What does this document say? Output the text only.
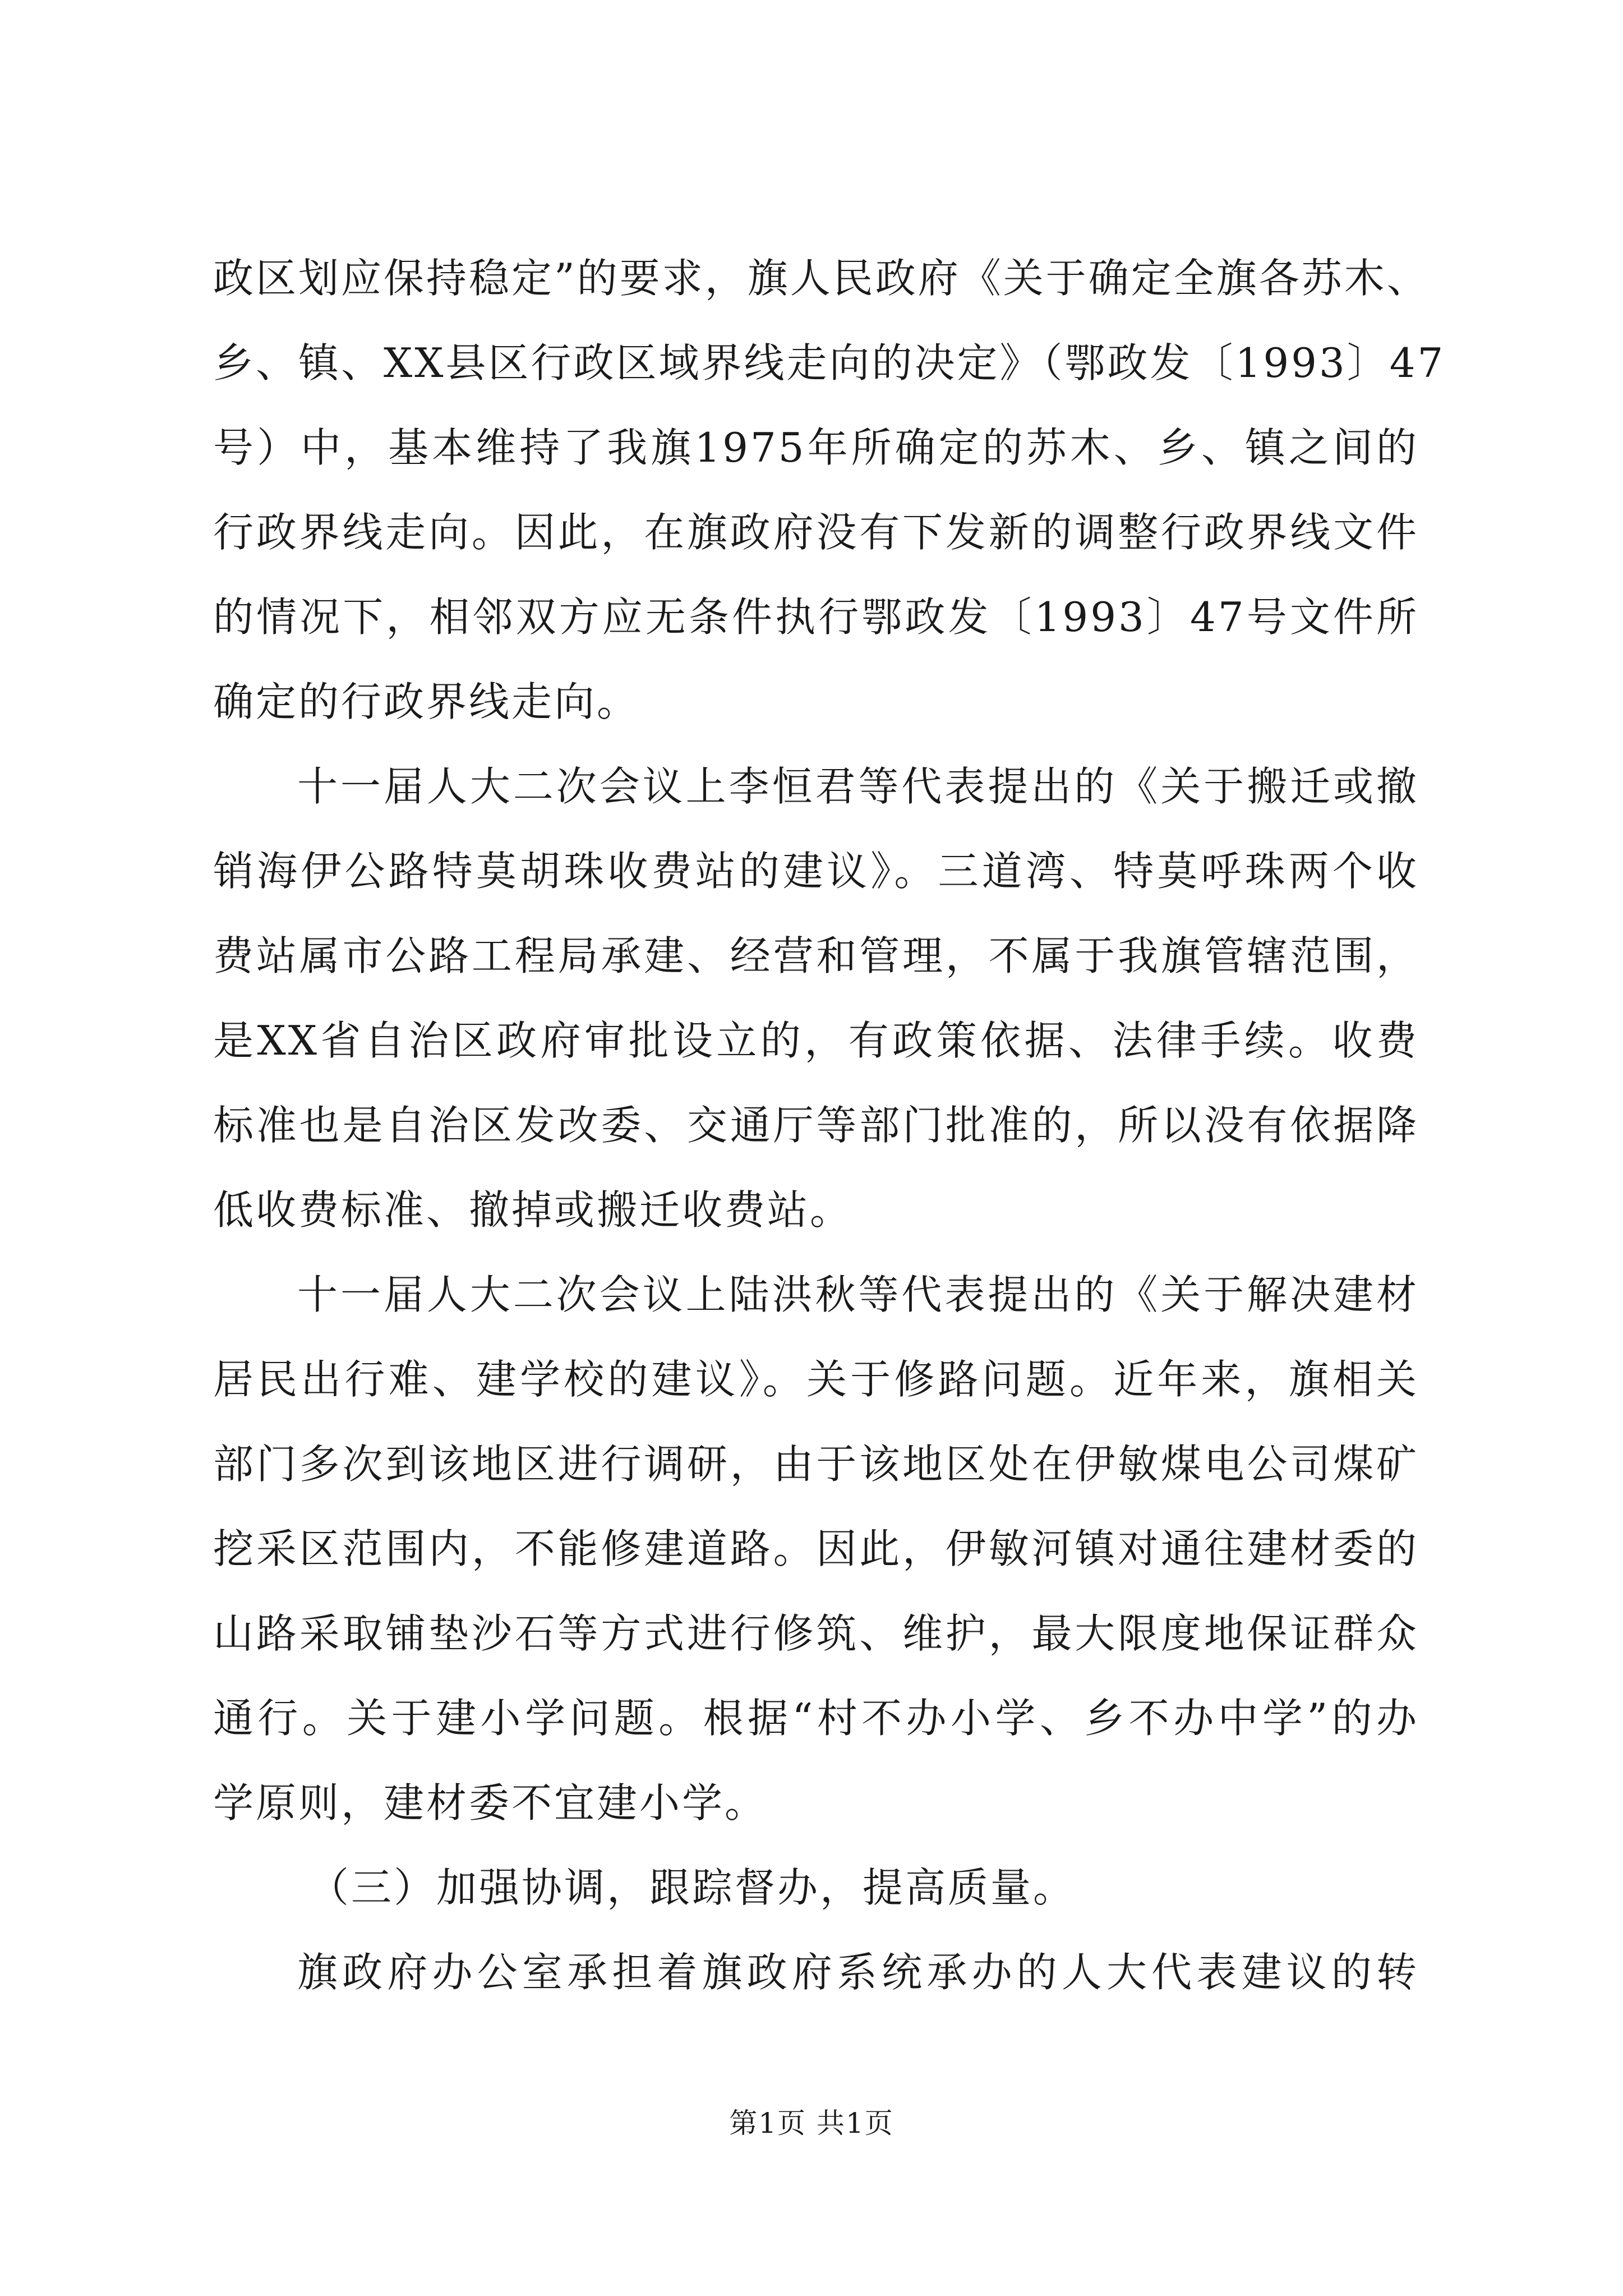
政区划应保持稳定”的要求，旗人民政府《关于确定全旗各苏木、
乡、镇、XX县区行政区域界线走向的决定》（鄂政发〔1993〕47
号）中，基本维持了我旗1975年所确定的苏木、乡、镇之间的
行政界线走向。因此，在旗政府没有下发新的调整行政界线文件
的情况下，相邻双方应无条件执行鄂政发〔1993〕47号文件所
确定的行政界线走向。
十一届人大二次会议上李恒君等代表提出的《关于搬迁或撤
销海伊公路特莫胡珠收费站的建议》。三道湾、特莫呼珠两个收
费站属市公路工程局承建、经营和管理，不属于我旗管辖范围，
是XX省自治区政府审批设立的，有政策依据、法律手续。收费
标准也是自治区发改委、交通厅等部门批准的，所以没有依据降
低收费标准、撤掉或搬迁收费站。
十一届人大二次会议上陆洪秋等代表提出的《关于解决建材
居民出行难、建学校的建议》。关于修路问题。近年来，旗相关
部门多次到该地区进行调研，由于该地区处在伊敏煤电公司煤矿
挖采区范围内，不能修建道路。因此，伊敏河镇对通往建材委的
山路采取铺垫沙石等方式进行修筑、维护，最大限度地保证群众
通行。关于建小学问题。根据“村不办小学、乡不办中学”的办
学原则，建材委不宜建小学。
（三）加强协调，跟踪督办，提高质量。
旗政府办公室承担着旗政府系统承办的人大代表建议的转
第1页 共1页
